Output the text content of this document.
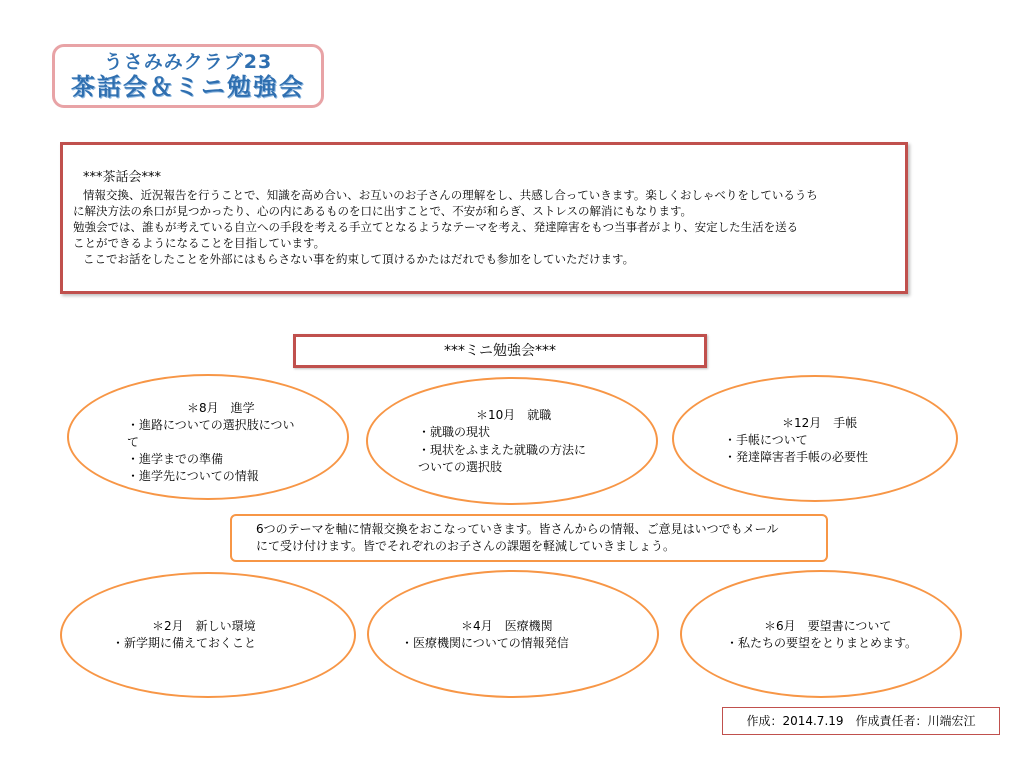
うさみみクラブ23
茶話会＆ミニ勉強会
***茶話会***
情報交換、近況報告を行うことで、知識を高め合い、お互いのお子さんの理解をし、共感し合っていきます。楽しくおしゃべりをしているうち
に解決方法の糸口が見つかったり、心の内にあるものを口に出すことで、不安が和らぎ、ストレスの解消にもなります。
勉強会では、誰もが考えている自立への手段を考える手立てとなるようなテーマを考え、発達障害をもつ当事者がより、安定した生活を送る
ことができるようになることを目指しています。
ここでお話をしたことを外部にはもらさない事を約束して頂けるかたはだれでも参加をしていただけます。
***ミニ勉強会***
＊8月　進学
・進路についての選択肢につい
て
・進学までの準備
・進学先についての情報
＊10月　就職
・就職の現状
・現状をふまえた就職の方法に
ついての選択肢
＊12月　手帳
・手帳について
・発達障害者手帳の必要性
6つのテーマを軸に情報交換をおこなっていきます。皆さんからの情報、ご意見はいつでもメール
にて受け付けます。皆でそれぞれのお子さんの課題を軽減していきましょう。
＊2月　新しい環境
・新学期に備えておくこと
＊4月　医療機関
・医療機関についての情報発信
＊6月　要望書について
・私たちの要望をとりまとめます。
作成：2014.7.19　作成責任者：川端宏江
